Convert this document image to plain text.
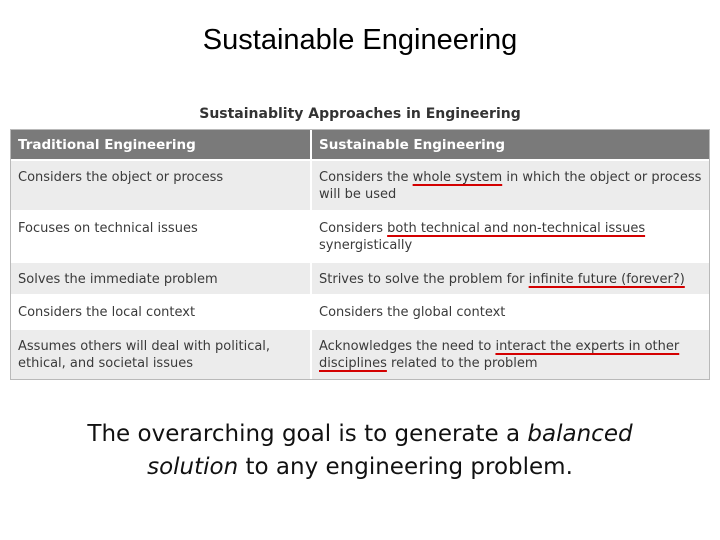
Sustainable Engineering
Sustainablity Approaches in Engineering
Traditional Engineering	Sustainable Engineering
Considers the object or process	Considers the whole system in which the object or process will be used
Focuses on technical issues	Considers both technical and non-technical issues synergistically
Solves the immediate problem	Strives to solve the problem for infinite future (forever?)
Considers the local context	Considers the global context
Assumes others will deal with political, ethical, and societal issues	Acknowledges the need to interact the experts in other disciplines related to the problem
The overarching goal is to generate a balanced solution to any engineering problem.
